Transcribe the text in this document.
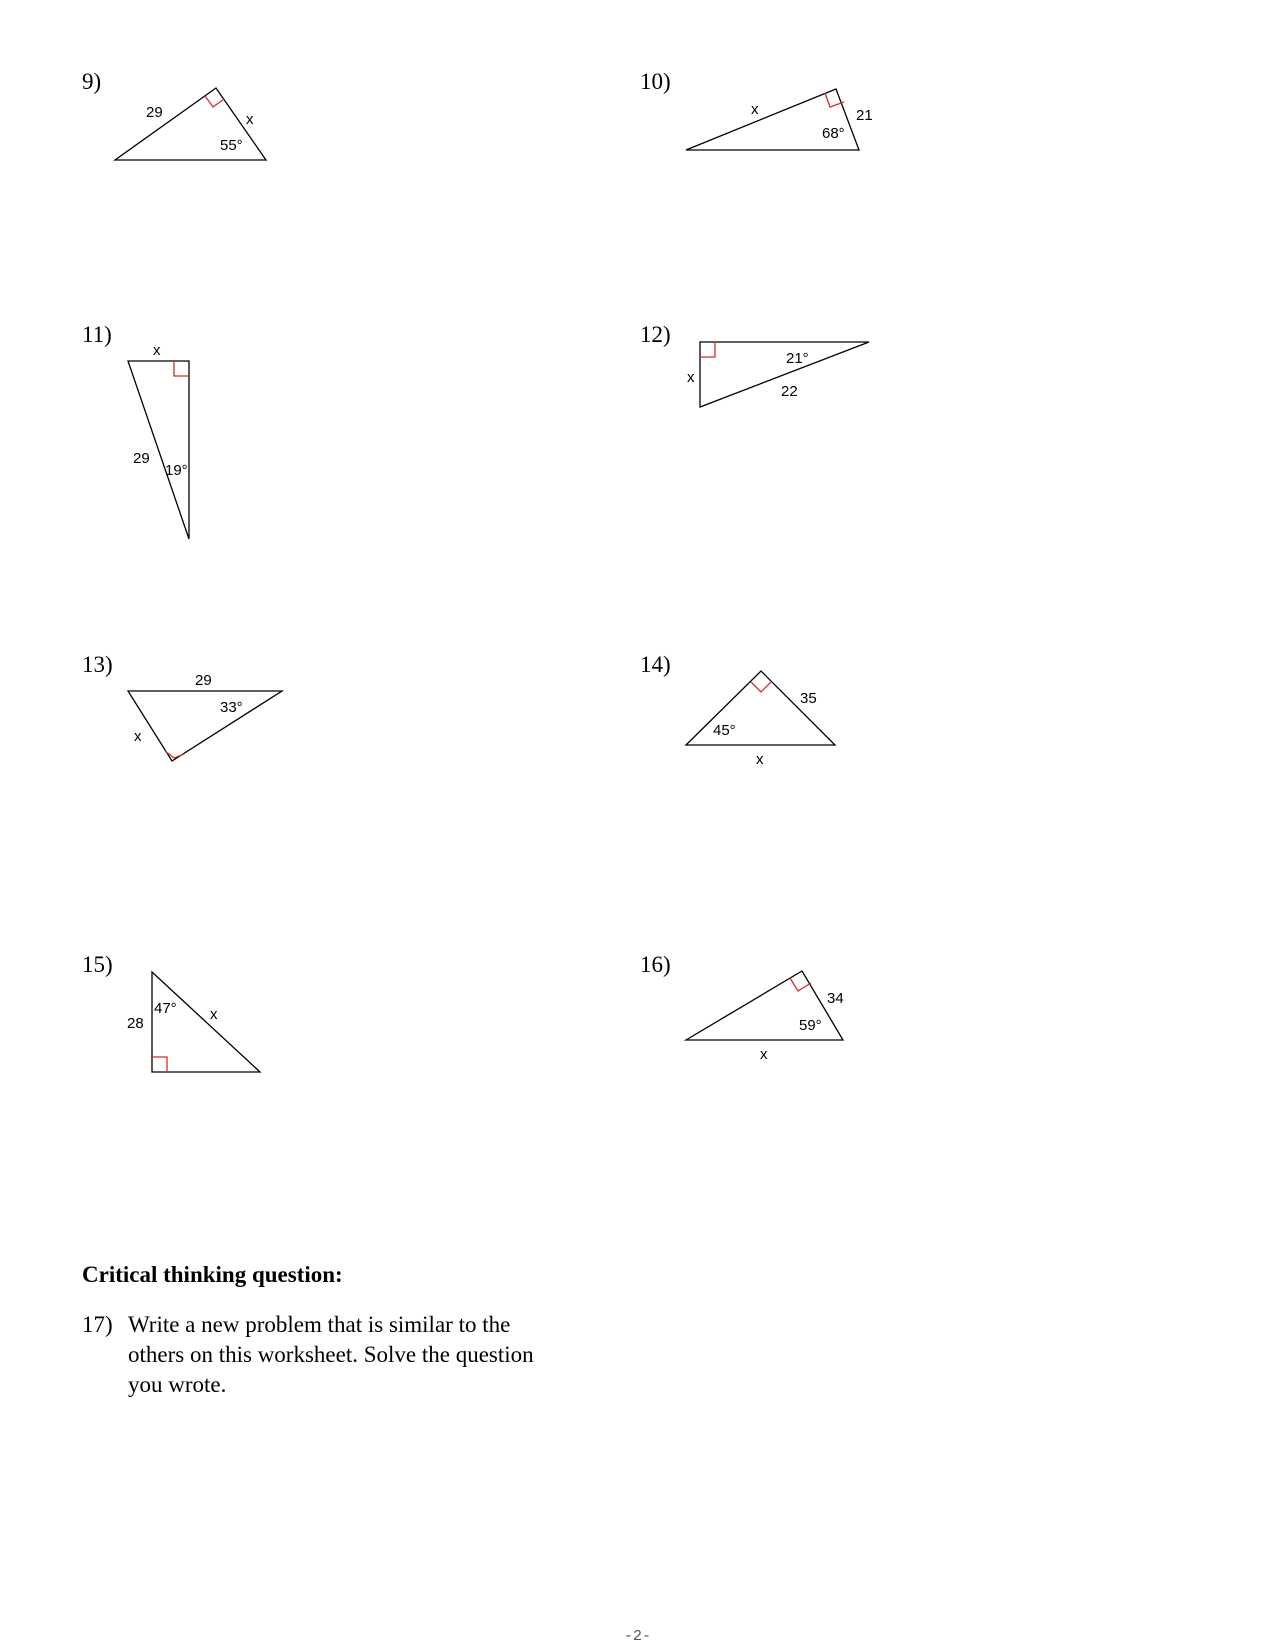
9)
29	x
55°
10)
x	21
68°
11)
x
29
19°
12)
21°
x
22
13)
29
33°
x
14)
35
45°
x
15)
47° x
28
16)
34
59°
x
Critical thinking question:
17) Write a new problem that is similar to the others on this worksheet. Solve the question you wrote.
-2-
